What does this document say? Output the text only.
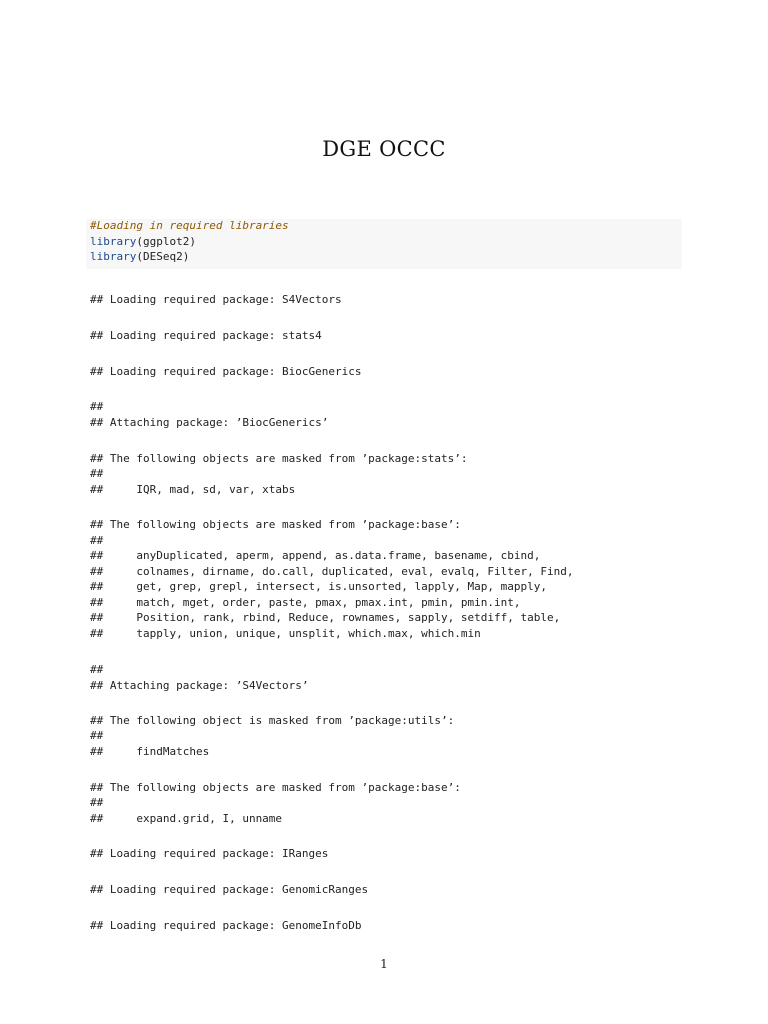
DGE OCCC
#Loading in required libraries
library(ggplot2)
library(DESeq2)
## Loading required package: S4Vectors
## Loading required package: stats4
## Loading required package: BiocGenerics
##
## Attaching package: ’BiocGenerics’
## The following objects are masked from ’package:stats’:
##
##     IQR, mad, sd, var, xtabs
## The following objects are masked from ’package:base’:
##
##     anyDuplicated, aperm, append, as.data.frame, basename, cbind,
##     colnames, dirname, do.call, duplicated, eval, evalq, Filter, Find,
##     get, grep, grepl, intersect, is.unsorted, lapply, Map, mapply,
##     match, mget, order, paste, pmax, pmax.int, pmin, pmin.int,
##     Position, rank, rbind, Reduce, rownames, sapply, setdiff, table,
##     tapply, union, unique, unsplit, which.max, which.min
##
## Attaching package: ’S4Vectors’
## The following object is masked from ’package:utils’:
##
##     findMatches
## The following objects are masked from ’package:base’:
##
##     expand.grid, I, unname
## Loading required package: IRanges
## Loading required package: GenomicRanges
## Loading required package: GenomeInfoDb
1
